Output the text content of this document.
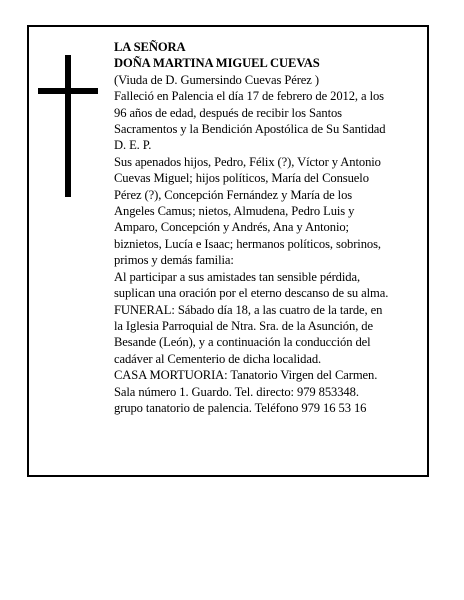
LA SEÑORA
DOÑA MARTINA MIGUEL CUEVAS
(Viuda de D. Gumersindo Cuevas Pérez )
Falleció en Palencia el día 17 de febrero de 2012, a los
96 años de edad, después de recibir los Santos
Sacramentos y la Bendición Apostólica de Su Santidad
D. E. P.
Sus apenados hijos, Pedro, Félix (?), Víctor y Antonio
Cuevas Miguel; hijos políticos, María del Consuelo
Pérez (?), Concepción Fernández y María de los
Angeles Camus; nietos, Almudena, Pedro Luis y
Amparo, Concepción y Andrés, Ana y Antonio;
biznietos, Lucía e Isaac; hermanos políticos, sobrinos,
primos y demás familia:
Al participar a sus amistades tan sensible pérdida,
suplican una oración por el eterno descanso de su alma.
FUNERAL: Sábado día 18, a las cuatro de la tarde, en
la Iglesia Parroquial de Ntra. Sra. de la Asunción, de
Besande (León), y a continuación la conducción del
cadáver al Cementerio de dicha localidad.
CASA MORTUORIA: Tanatorio Virgen del Carmen.
Sala número 1. Guardo. Tel. directo: 979 853348.
grupo tanatorio de palencia. Teléfono 979 16 53 16
